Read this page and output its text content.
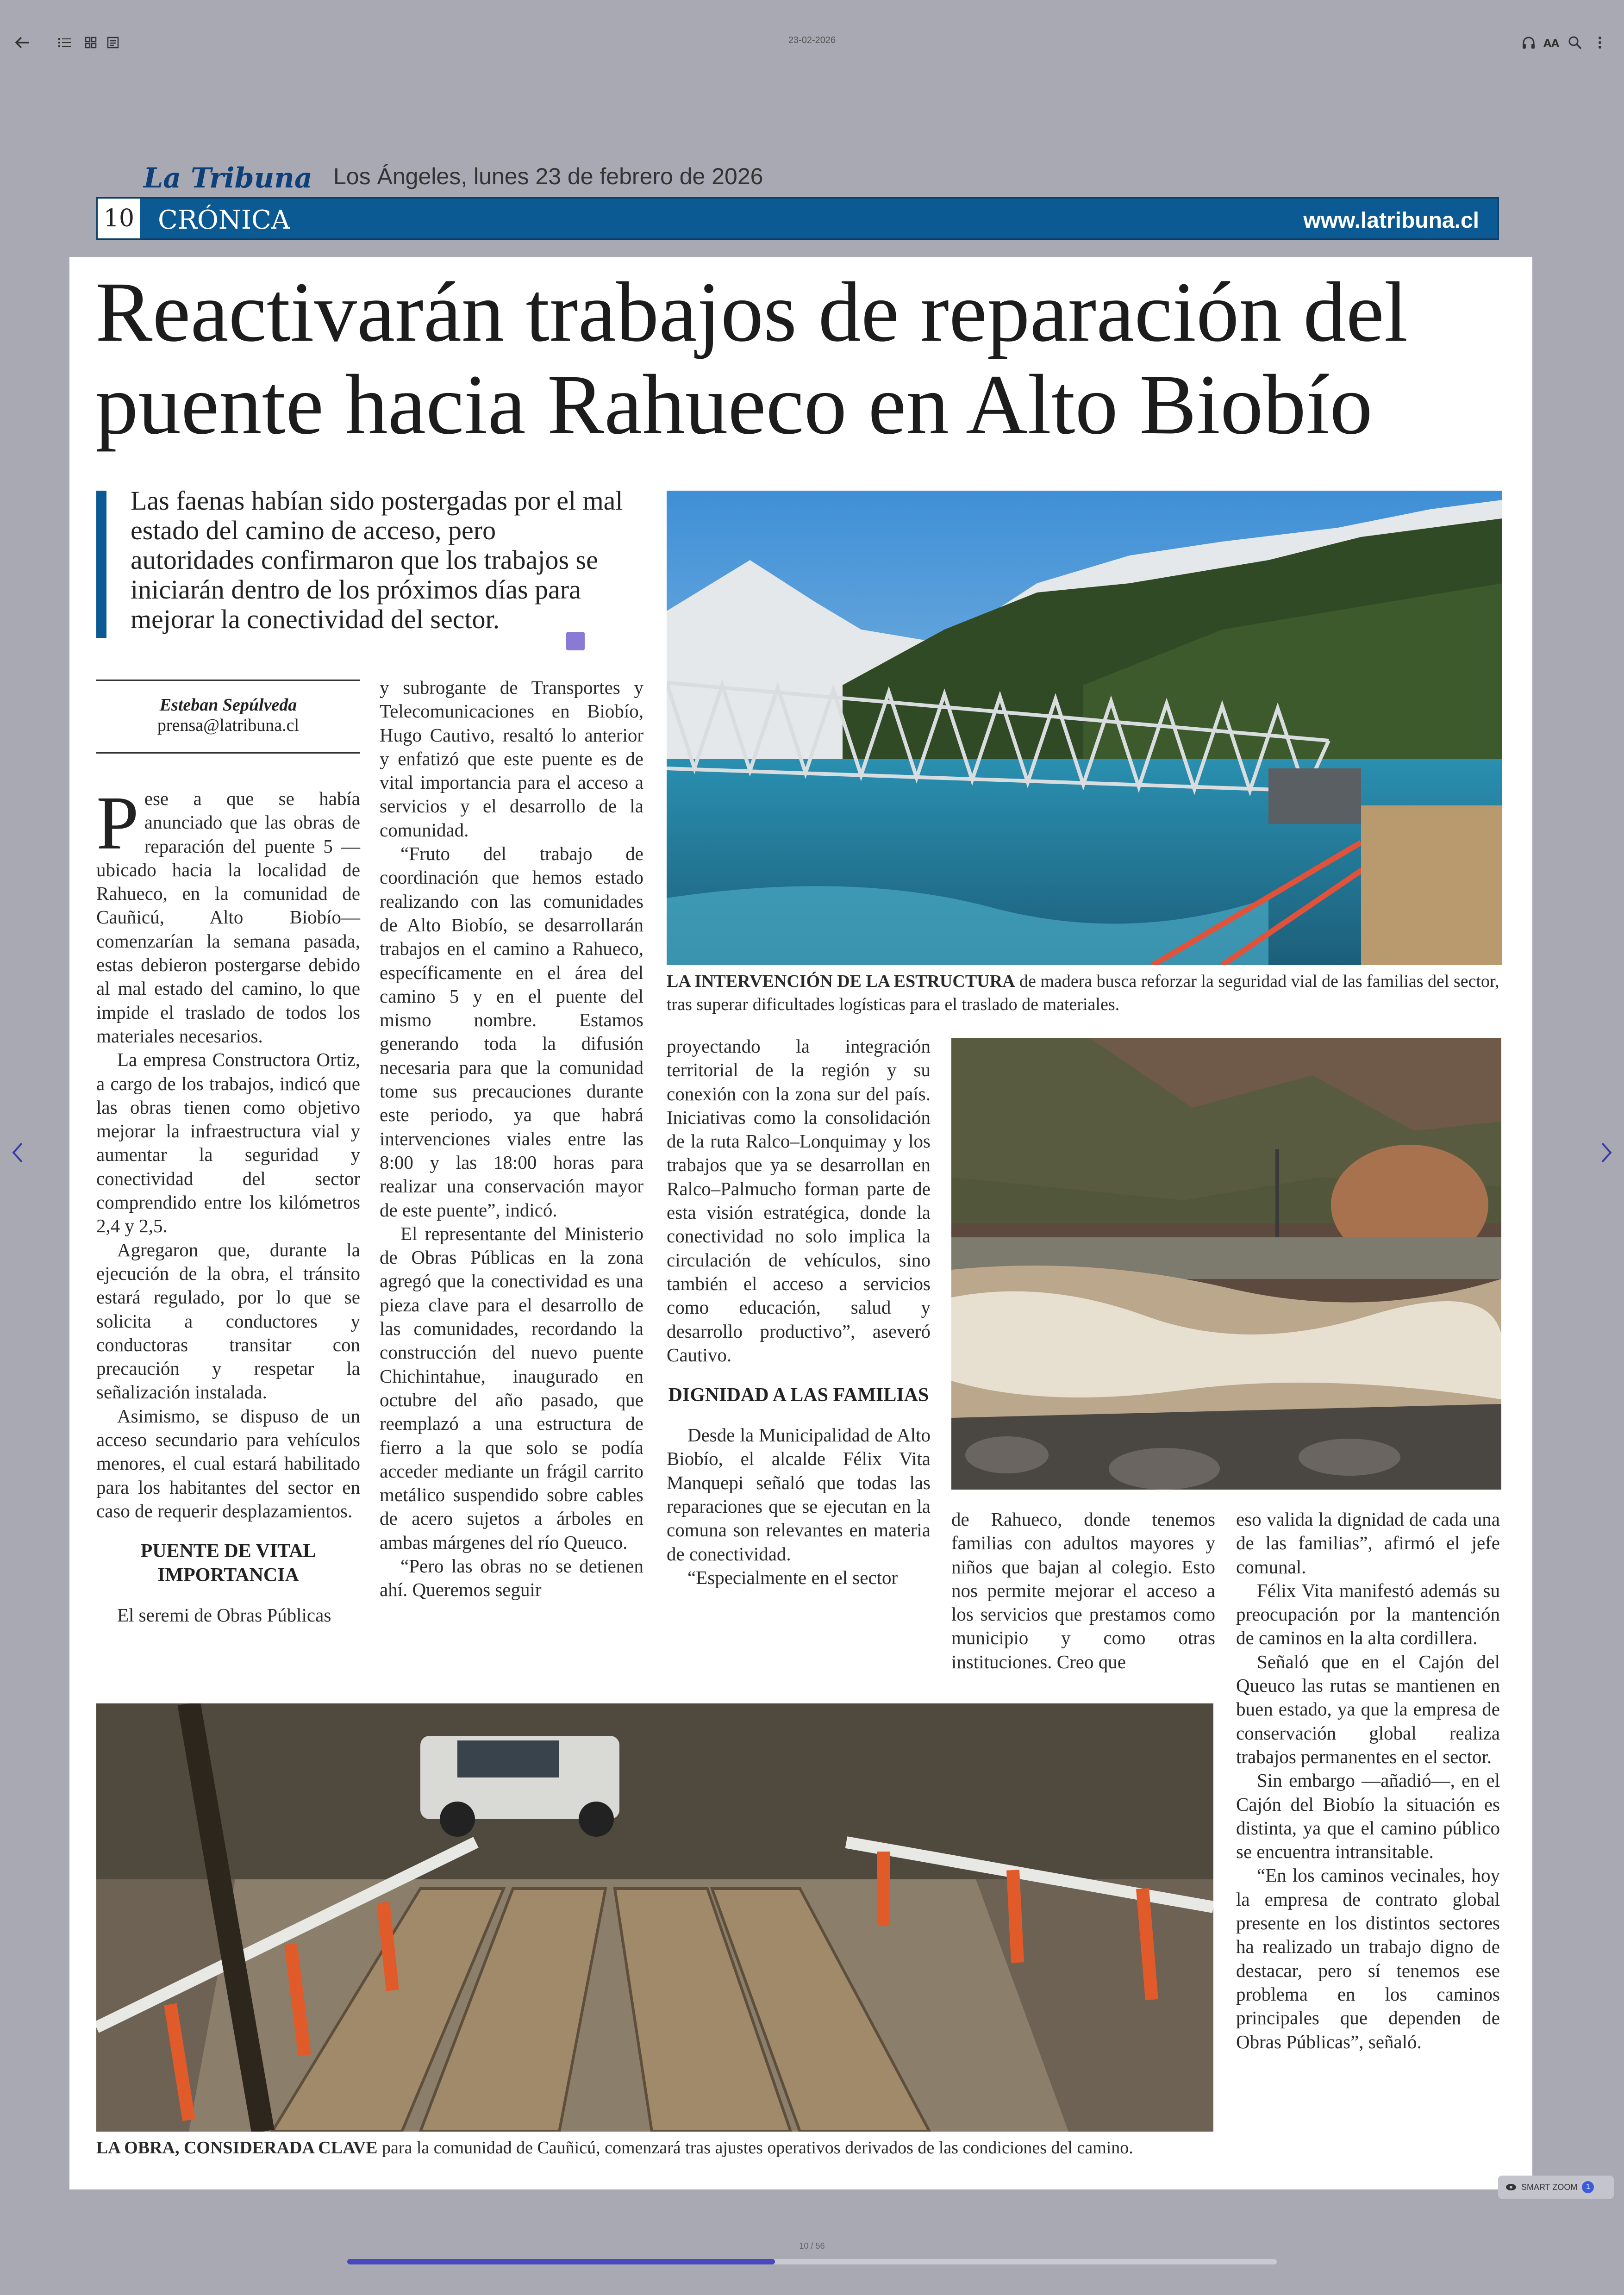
23-02-2026	AA
La Tribuna Los Ángeles, lunes 23 de febrero de 2026
10 CRÓNICA	www.latribuna.cl
Reactivarán trabajos de reparación del puente hacia Rahueco en Alto Biobío

Las faenas habían sido postergadas por el mal estado del camino de acceso, pero autoridades confirmaron que los trabajos se iniciarán dentro de los próximos días para mejorar la conectividad del sector.

Esteban Sepúlveda
prensa@latribuna.cl

LA INTERVENCIÓN DE LA ESTRUCTURA de madera busca reforzar la seguridad vial de las familias del sector, tras superar dificultades logísticas para el traslado de materiales.

LA OBRA, CONSIDERADA CLAVE para la comunidad de Cauñicú, comenzará tras ajustes operativos derivados de las condiciones del camino.

Pese a que se había anunciado que las obras de reparación del puente 5 —ubicado hacia la localidad de Rahueco, en la comunidad de Cauñicú, Alto Biobío— comenzarían la semana pasada, estas debieron postergarse debido al mal estado del camino, lo que impide el traslado de todos los materiales necesarios.

La empresa Constructora Ortiz, a cargo de los trabajos, indicó que las obras tienen como objetivo mejorar la infraestructura vial y aumentar la seguridad y conectividad del sector comprendido entre los kilómetros 2,4 y 2,5.

Agregaron que, durante la ejecución de la obra, el tránsito estará regulado, por lo que se solicita a conductores y conductoras transitar con precaución y respetar la señalización instalada.

Asimismo, se dispuso de un acceso secundario para vehículos menores, el cual estará habilitado para los habitantes del sector en caso de requerir desplazamientos.

PUENTE DE VITAL IMPORTANCIA

El seremi de Obras Públicas

y subrogante de Transportes y Telecomunicaciones en Biobío, Hugo Cautivo, resaltó lo anterior y enfatizó que este puente es de vital importancia para el acceso a servicios y el desarrollo de la comunidad.

“Fruto del trabajo de coordinación que hemos estado realizando con las comunidades de Alto Biobío, se desarrollarán trabajos en el camino a Rahueco, específicamente en el área del camino 5 y en el puente del mismo nombre. Estamos generando toda la difusión necesaria para que la comunidad tome sus precauciones durante este periodo, ya que habrá intervenciones viales entre las 8:00 y las 18:00 horas para realizar una conservación mayor de este puente”, indicó.

El representante del Ministerio de Obras Públicas en la zona agregó que la conectividad es una pieza clave para el desarrollo de las comunidades, recordando la construcción del nuevo puente Chichintahue, inaugurado en octubre del año pasado, que reemplazó a una estructura de fierro a la que solo se podía acceder mediante un frágil carrito metálico suspendido sobre cables de acero sujetos a árboles en ambas márgenes del río Queuco.

“Pero las obras no se detienen ahí. Queremos seguir

proyectando la integración territorial de la región y su conexión con la zona sur del país. Iniciativas como la consolidación de la ruta Ralco–Lonquimay y los trabajos que ya se desarrollan en Ralco–Palmucho forman parte de esta visión estratégica, donde la conectividad no solo implica la circulación de vehículos, sino también el acceso a servicios como educación, salud y desarrollo productivo”, aseveró Cautivo.

DIGNIDAD A LAS FAMILIAS

Desde la Municipalidad de Alto Biobío, el alcalde Félix Vita Manquepi señaló que todas las reparaciones que se ejecutan en la comuna son relevantes en materia de conectividad.

“Especialmente en el sector

de Rahueco, donde tenemos familias con adultos mayores y niños que bajan al colegio. Esto nos permite mejorar el acceso a los servicios que prestamos como municipio y como otras instituciones. Creo que

eso valida la dignidad de cada una de las familias”, afirmó el jefe comunal.

Félix Vita manifestó además su preocupación por la mantención de caminos en la alta cordillera.

Señaló que en el Cajón del Queuco las rutas se mantienen en buen estado, ya que la empresa de conservación global realiza trabajos permanentes en el sector.

Sin embargo —añadió—, en el Cajón del Biobío la situación es distinta, ya que el camino público se encuentra intransitable.

“En los caminos vecinales, hoy la empresa de contrato global presente en los distintos sectores ha realizado un trabajo digno de destacar, pero sí tenemos ese problema en los caminos principales que dependen de Obras Públicas”, señaló.

SMART ZOOM	1
10 / 56
